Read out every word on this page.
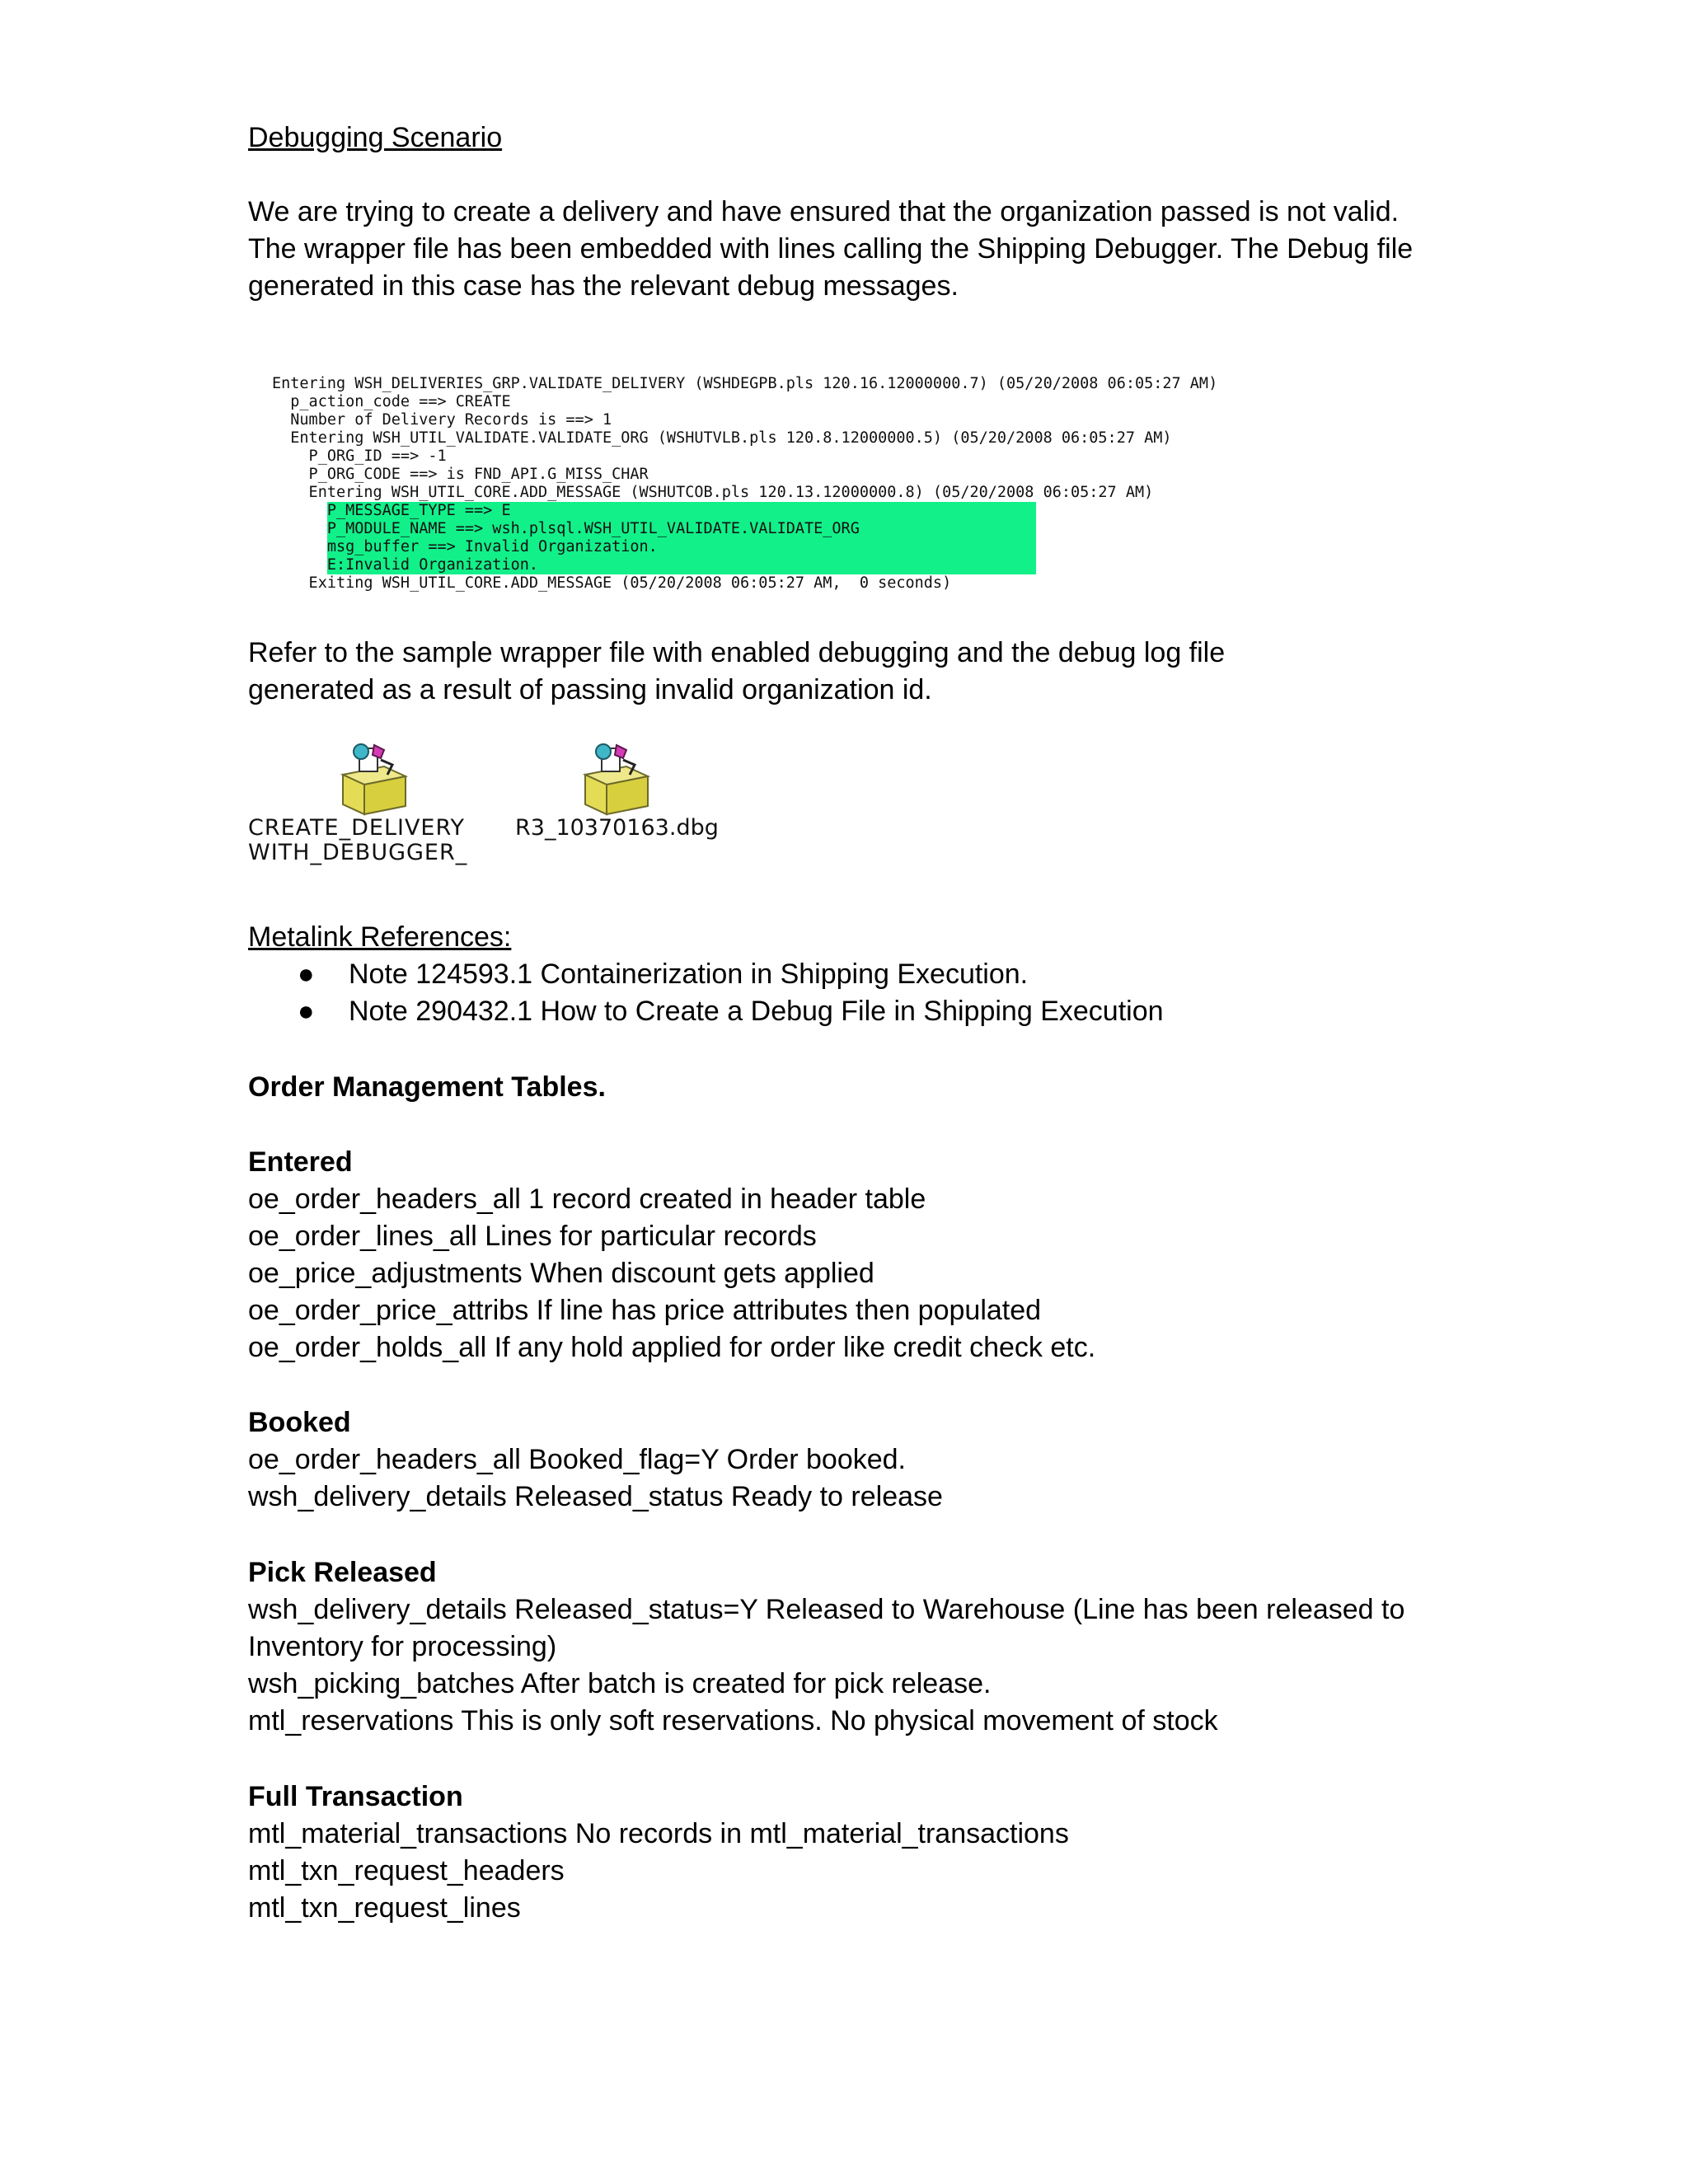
Debugging Scenario
We are trying to create a delivery and have ensured that the organization passed is not valid.
The wrapper file has been embedded with lines calling the Shipping Debugger. The Debug file
generated in this case has the relevant debug messages.
Entering WSH_DELIVERIES_GRP.VALIDATE_DELIVERY (WSHDEGPB.pls 120.16.12000000.7) (05/20/2008 06:05:27 AM)
p_action_code ==> CREATE
Number of Delivery Records is ==> 1
Entering WSH_UTIL_VALIDATE.VALIDATE_ORG (WSHUTVLB.pls 120.8.12000000.5) (05/20/2008 06:05:27 AM)
P_ORG_ID ==> -1
P_ORG_CODE ==> is FND_API.G_MISS_CHAR
Entering WSH_UTIL_CORE.ADD_MESSAGE (WSHUTCOB.pls 120.13.12000000.8) (05/20/2008 06:05:27 AM)
P_MESSAGE_TYPE ==> E
P_MODULE_NAME ==> wsh.plsql.WSH_UTIL_VALIDATE.VALIDATE_ORG
msg_buffer ==> Invalid Organization.
E:Invalid Organization.
Exiting WSH_UTIL_CORE.ADD_MESSAGE (05/20/2008 06:05:27 AM,  0 seconds)
Refer to the sample wrapper file with enabled debugging and the debug log file
generated as a result of passing invalid organization id.
CREATE_DELIVERY
WITH_DEBUGGER_
R3_10370163.dbg
Metalink References:
● Note 124593.1 Containerization in Shipping Execution.
● Note 290432.1 How to Create a Debug File in Shipping Execution
Order Management Tables.
Entered
oe_order_headers_all 1 record created in header table
oe_order_lines_all Lines for particular records
oe_price_adjustments When discount gets applied
oe_order_price_attribs If line has price attributes then populated
oe_order_holds_all If any hold applied for order like credit check etc.
Booked
oe_order_headers_all Booked_flag=Y Order booked.
wsh_delivery_details Released_status Ready to release
Pick Released
wsh_delivery_details Released_status=Y Released to Warehouse (Line has been released to
Inventory for processing)
wsh_picking_batches After batch is created for pick release.
mtl_reservations This is only soft reservations. No physical movement of stock
Full Transaction
mtl_material_transactions No records in mtl_material_transactions
mtl_txn_request_headers
mtl_txn_request_lines
